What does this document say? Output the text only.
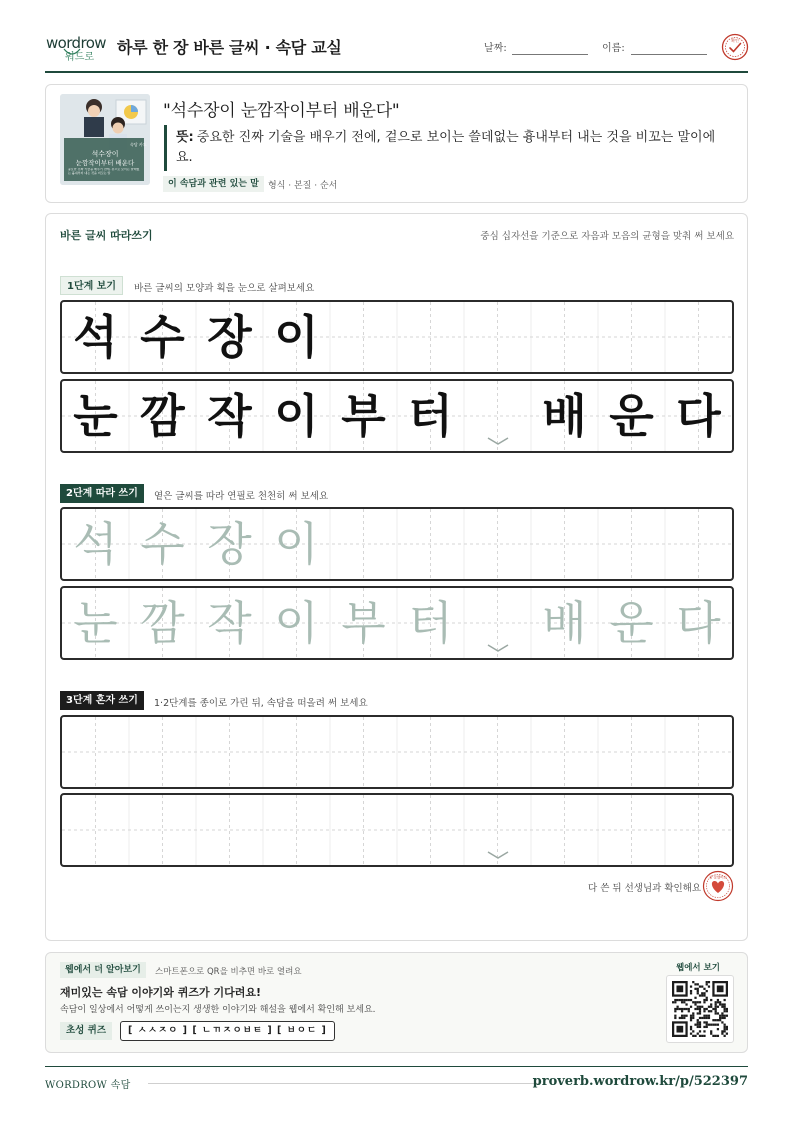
wordrow
워드로
하루 한 장 바른 글씨 · 속담 교실	날짜:	이름:
확인
속담 카드
석수장이
눈깜작이부터 배운다
중요한 진짜 기술을 배우기 전에, 겉으로 보이는 쓸데없는 흉내부터 내는 것을 비꼬는 말
"석수장이 눈깜작이부터 배운다"
뜻: 중요한 진짜 기술을 배우기 전에, 겉으로 보이는 쓸데없는 흉내부터 내는 것을 비꼬는 말이에요.
이 속담과 관련 있는 말	형식 · 본질 · 순서
바른 글씨 따라쓰기	중심 십자선을 기준으로 자음과 모음의 균형을 맞춰 써 보세요
1단계 보기	바른 글씨의 모양과 획을 눈으로 살펴보세요
석 수 장 이
눈 깜 작 이 부 터 배 운 다
2단계 따라 쓰기	옅은 글씨를 따라 연필로 천천히 써 보세요
석 수 장 이
눈 깜 작 이 부 터 배 운 다
3단계 혼자 쓰기	1·2단계를 종이로 가린 뒤, 속담을 떠올려 써 보세요
다 쓴 뒤 선생님과 확인해요
참 잘했어요
웹에서 더 알아보기	스마트폰으로 QR을 비추면 바로 열려요
재미있는 속담 이야기와 퀴즈가 기다려요!
속담이 일상에서 어떻게 쓰이는지 생생한 이야기와 해설을 웹에서 확인해 보세요.
초성 퀴즈	[ ㅅㅅㅈㅇ ] [ ㄴㄲㅈㅇㅂㅌ ] [ ㅂㅇㄷ ]
웹에서 보기
WORDROW 속담	proverb.wordrow.kr/p/522397
